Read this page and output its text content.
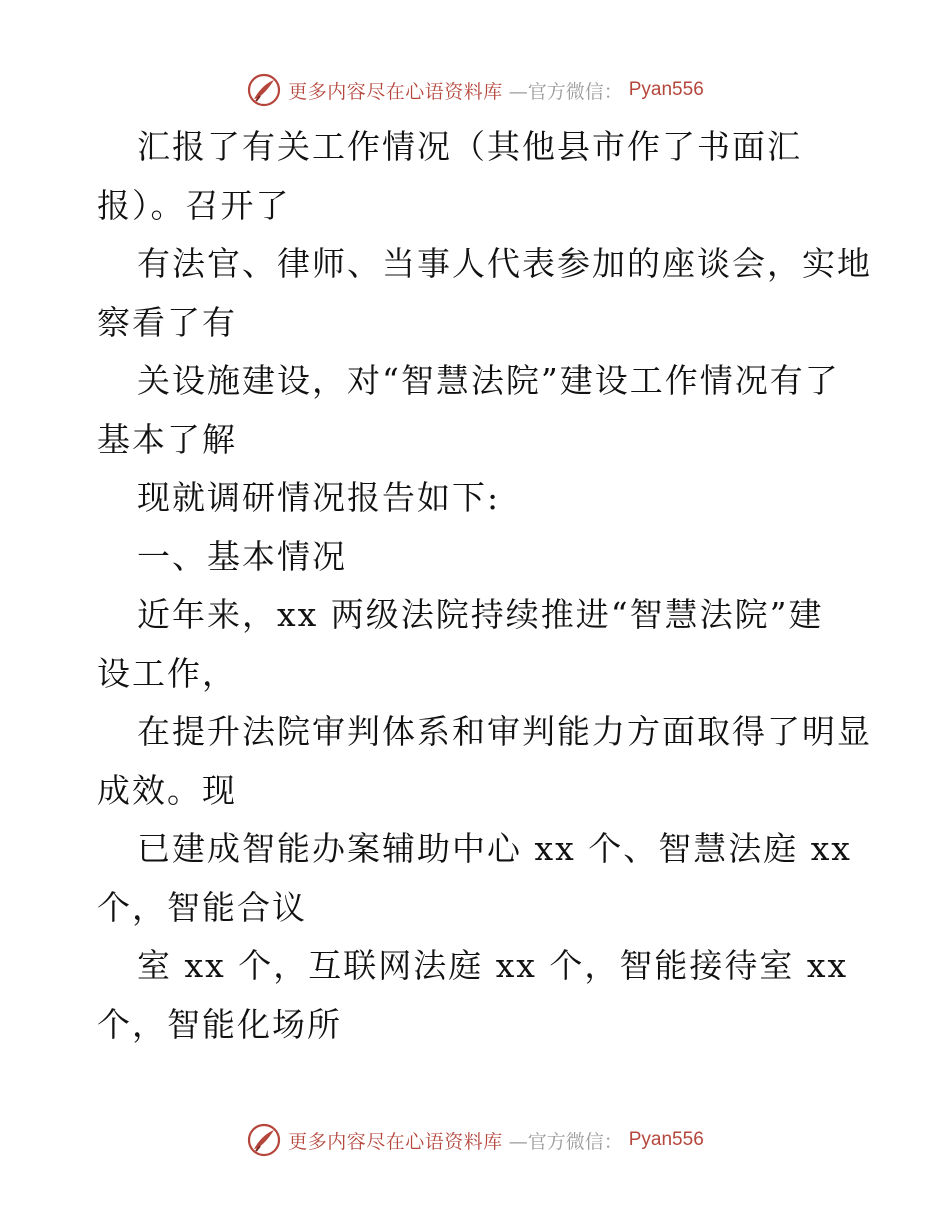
更多内容尽在心语资料库 —官方微信： Pyan556
汇报了有关工作情况（其他县市作了书面汇
报）。召开了
有法官、律师、当事人代表参加的座谈会，实地
察看了有
关设施建设，对“智慧法院”建设工作情况有了
基本了解
现就调研情况报告如下:
一、基本情况
近年来，xx 两级法院持续推进“智慧法院”建
设工作，
在提升法院审判体系和审判能力方面取得了明显
成效。现
已建成智能办案辅助中心 xx 个、智慧法庭 xx
个，智能合议
室 xx 个，互联网法庭 xx 个，智能接待室 xx
个，智能化场所
更多内容尽在心语资料库 —官方微信： Pyan556
